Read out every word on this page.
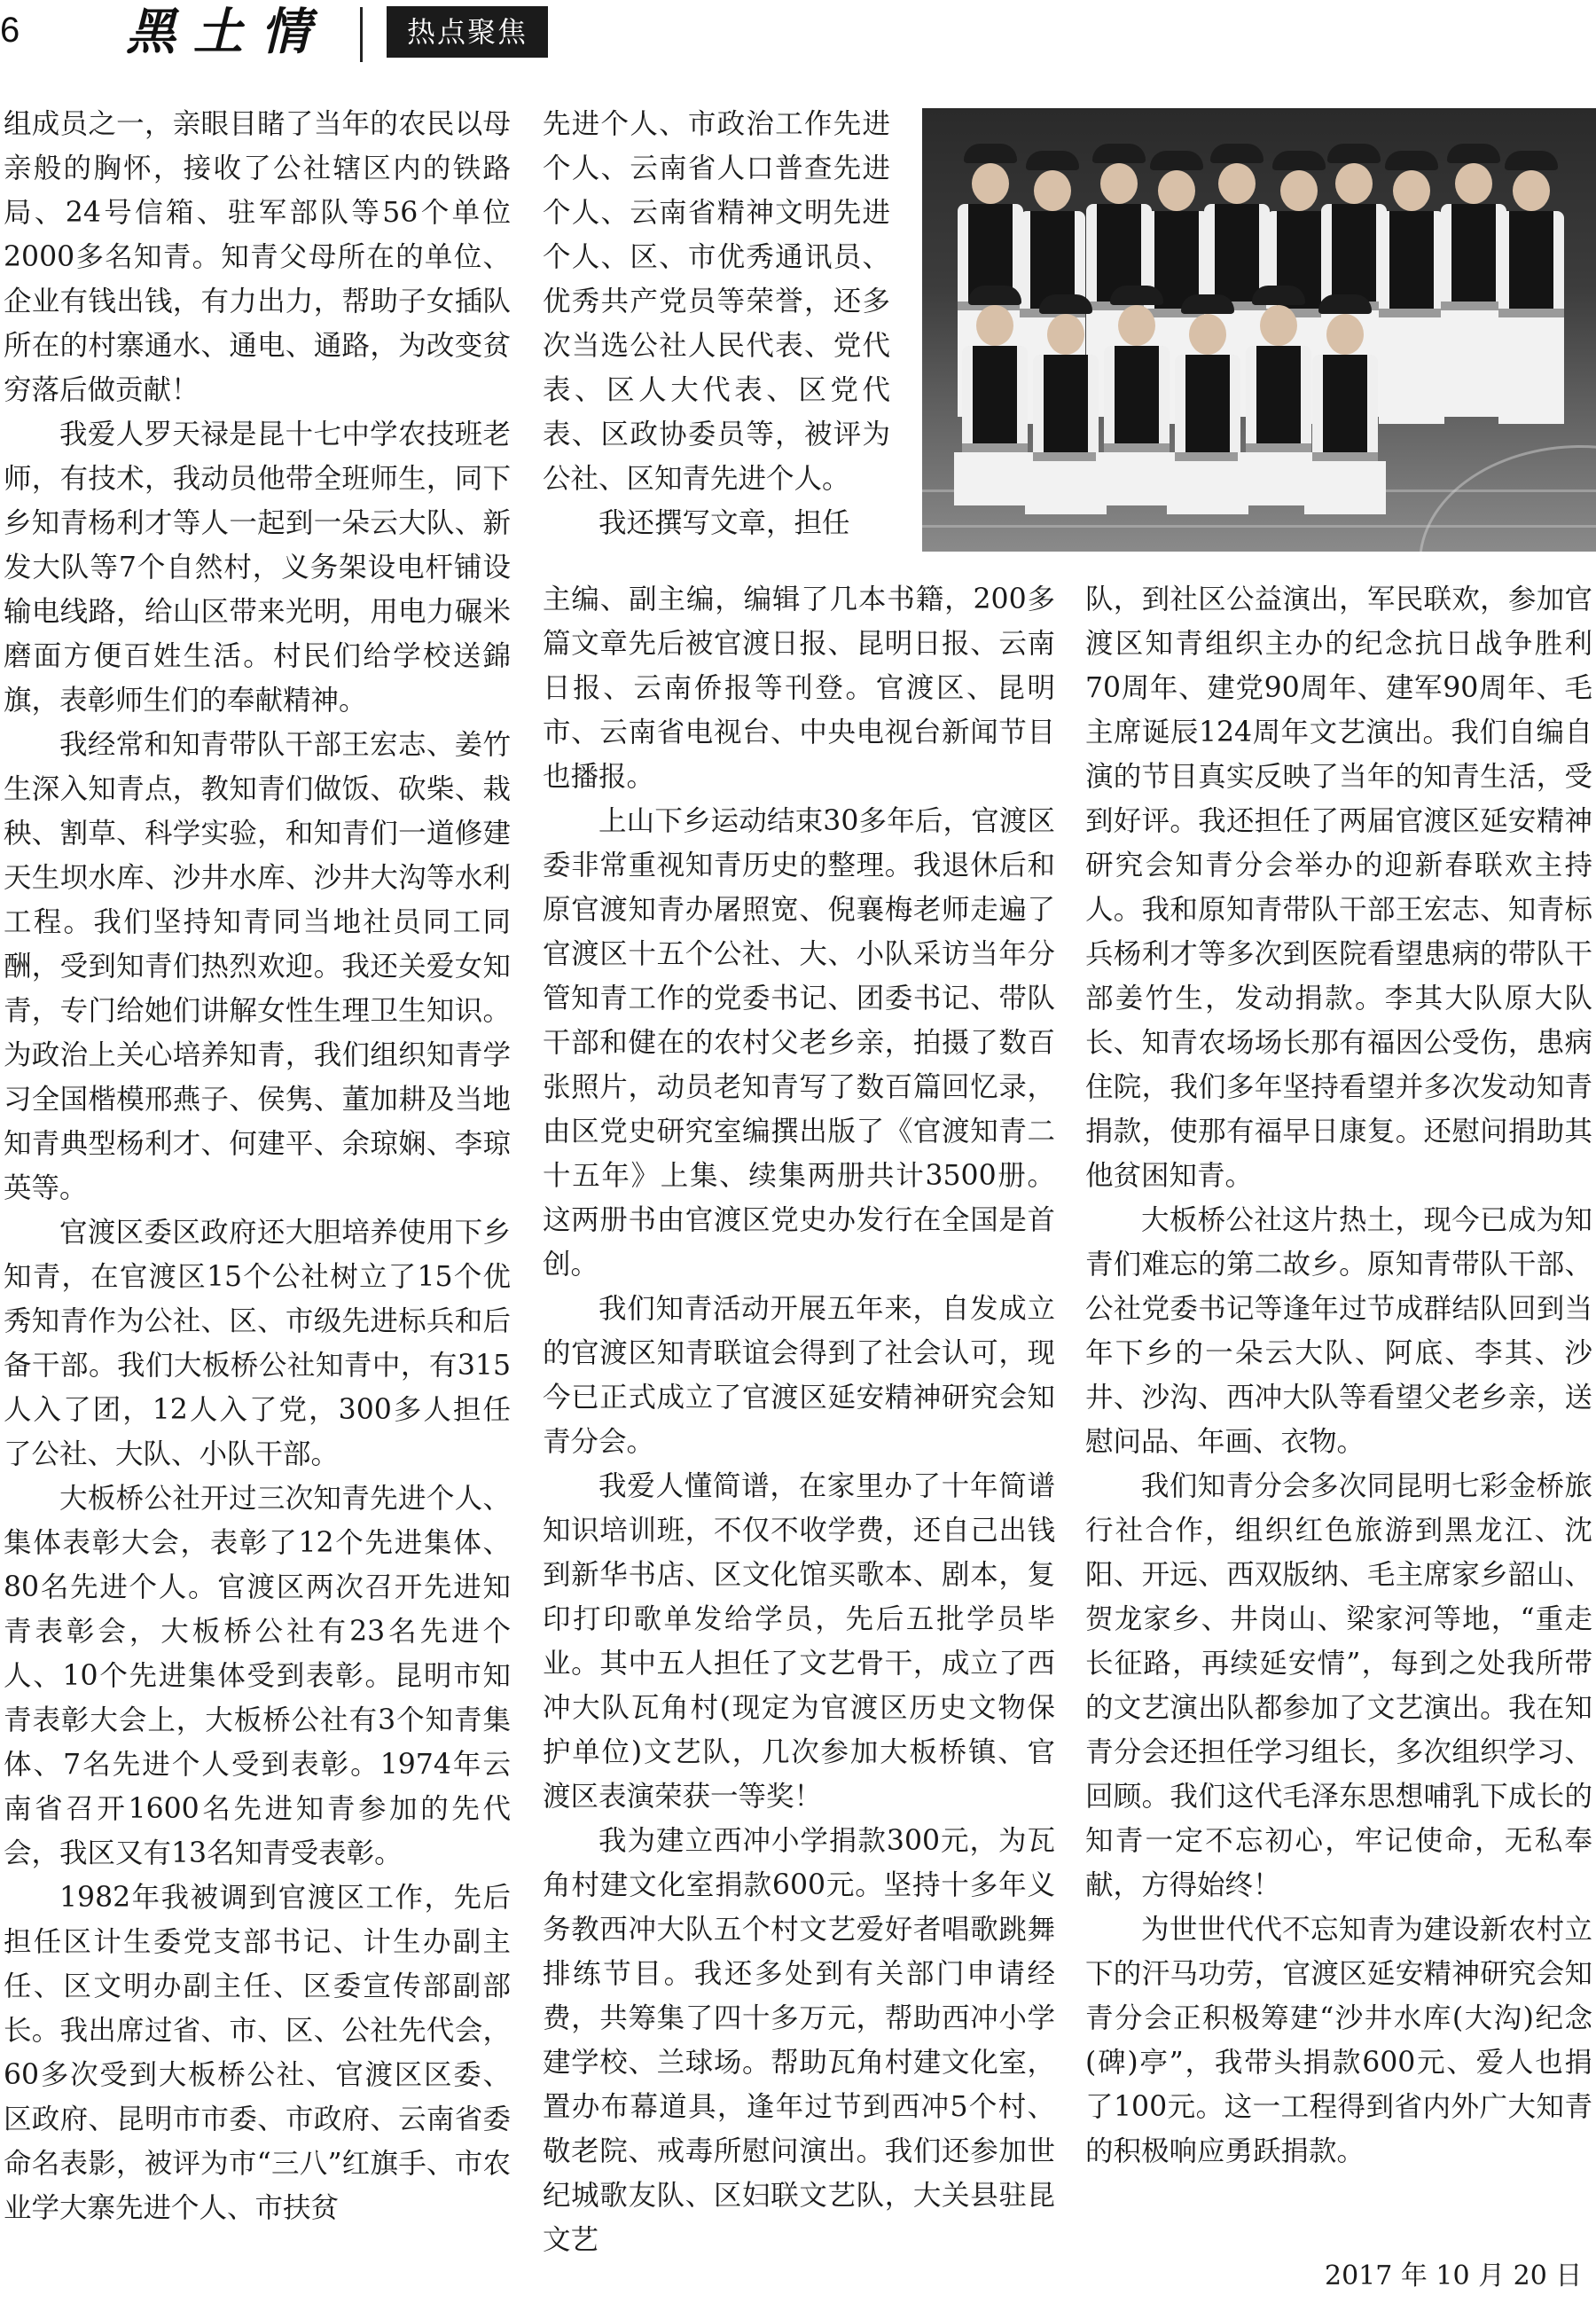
6 黑土情	热点聚焦

组成员之一，亲眼目睹了当年的农民以母亲般的胸怀，接收了公社辖区内的铁路局、24号信箱、驻军部队等56个单位2000多名知青。知青父母所在的单位、企业有钱出钱，有力出力，帮助子女插队所在的村寨通水、通电、通路，为改变贫穷落后做贡献！

我爱人罗天禄是昆十七中学农技班老师，有技术，我动员他带全班师生，同下乡知青杨利才等人一起到一朵云大队、新发大队等7个自然村，义务架设电杆铺设输电线路，给山区带来光明，用电力碾米磨面方便百姓生活。村民们给学校送錦旗，表彰师生们的奉献精神。

我经常和知青带队干部王宏志、姜竹生深入知青点，教知青们做饭、砍柴、栽秧、割草、科学实验，和知青们一道修建天生坝水库、沙井水库、沙井大沟等水利工程。我们坚持知青同当地社员同工同酬，受到知青们热烈欢迎。我还关爱女知青，专门给她们讲解女性生理卫生知识。为政治上关心培养知青，我们组织知青学习全国楷模邢燕子、侯隽、董加耕及当地知青典型杨利才、何建平、余琼娴、李琼英等。

官渡区委区政府还大胆培养使用下乡知青，在官渡区15个公社树立了15个优秀知青作为公社、区、市级先进标兵和后备干部。我们大板桥公社知青中，有315人入了团，12人入了党，300多人担任了公社、大队、小队干部。

大板桥公社开过三次知青先进个人、集体表彰大会，表彰了12个先进集体、80名先进个人。官渡区两次召开先进知青表彰会，大板桥公社有23名先进个人、10个先进集体受到表彰。昆明市知青表彰大会上，大板桥公社有3个知青集体、7名先进个人受到表彰。1974年云南省召开1600名先进知青参加的先代会，我区又有13名知青受表彰。

1982年我被调到官渡区工作，先后担任区计生委党支部书记、计生办副主任、区文明办副主任、区委宣传部副部长。我出席过省、市、区、公社先代会，60多次受到大板桥公社、官渡区区委、区政府、昆明市市委、市政府、云南省委命名表影，被评为市“三八”红旗手、市农业学大寨先进个人、市扶贫

先进个人、市政治工作先进个人、云南省人口普查先进个人、云南省精神文明先进个人、区、市优秀通讯员、优秀共产党员等荣誉，还多次当选公社人民代表、党代表、区人大代表、区党代表、区政协委员等，被评为公社、区知青先进个人。

我还撰写文章，担任

主编、副主编，编辑了几本书籍，200多篇文章先后被官渡日报、昆明日报、云南日报、云南侨报等刊登。官渡区、昆明市、云南省电视台、中央电视台新闻节目也播报。

上山下乡运动结束30多年后，官渡区委非常重视知青历史的整理。我退休后和原官渡知青办屠照宽、倪襄梅老师走遍了官渡区十五个公社、大、小队采访当年分管知青工作的党委书记、团委书记、带队干部和健在的农村父老乡亲，拍摄了数百张照片，动员老知青写了数百篇回忆录，由区党史研究室编撰出版了《官渡知青二十五年》上集、续集两册共计3500册。这两册书由官渡区党史办发行在全国是首创。

我们知青活动开展五年来，自发成立的官渡区知青联谊会得到了社会认可，现今已正式成立了官渡区延安精神研究会知青分会。

我爱人懂简谱，在家里办了十年简谱知识培训班，不仅不收学费，还自己出钱到新华书店、区文化馆买歌本、剧本，复印打印歌单发给学员，先后五批学员毕业。其中五人担任了文艺骨干，成立了西冲大队瓦角村(现定为官渡区历史文物保护单位)文艺队，几次参加大板桥镇、官渡区表演荣获一等奖！

我为建立西冲小学捐款300元，为瓦角村建文化室捐款600元。坚持十多年义务教西冲大队五个村文艺爱好者唱歌跳舞排练节目。我还多处到有关部门申请经费，共筹集了四十多万元，帮助西冲小学建学校、兰球场。帮助瓦角村建文化室，置办布幕道具，逢年过节到西冲5个村、敬老院、戒毒所慰问演出。我们还参加世纪城歌友队、区妇联文艺队，大关县驻昆文艺

队，到社区公益演出，军民联欢，参加官渡区知青组织主办的纪念抗日战争胜利70周年、建党90周年、建军90周年、毛主席诞辰124周年文艺演出。我们自编自演的节目真实反映了当年的知青生活，受到好评。我还担任了两届官渡区延安精神研究会知青分会举办的迎新春联欢主持人。我和原知青带队干部王宏志、知青标兵杨利才等多次到医院看望患病的带队干部姜竹生，发动捐款。李其大队原大队长、知青农场场长那有福因公受伤，患病住院，我们多年坚持看望并多次发动知青捐款，使那有福早日康复。还慰问捐助其他贫困知青。

大板桥公社这片热土，现今已成为知青们难忘的第二故乡。原知青带队干部、公社党委书记等逢年过节成群结队回到当年下乡的一朵云大队、阿底、李其、沙井、沙沟、西冲大队等看望父老乡亲，送慰问品、年画、衣物。

我们知青分会多次同昆明七彩金桥旅行社合作，组织红色旅游到黑龙江、沈阳、开远、西双版纳、毛主席家乡韶山、贺龙家乡、井岗山、梁家河等地，“重走长征路，再续延安情”，每到之处我所带的文艺演出队都参加了文艺演出。我在知青分会还担任学习组长，多次组织学习、回顾。我们这代毛泽东思想哺乳下成长的知青一定不忘初心，牢记使命，无私奉献，方得始终！

为世世代代不忘知青为建设新农村立下的汗马功劳，官渡区延安精神研究会知青分会正积极筹建“沙井水库(大沟)纪念(碑)亭”，我带头捐款600元、爱人也捐了100元。这一工程得到省内外广大知青的积极响应勇跃捐款。

2017 年 10 月 20 日
